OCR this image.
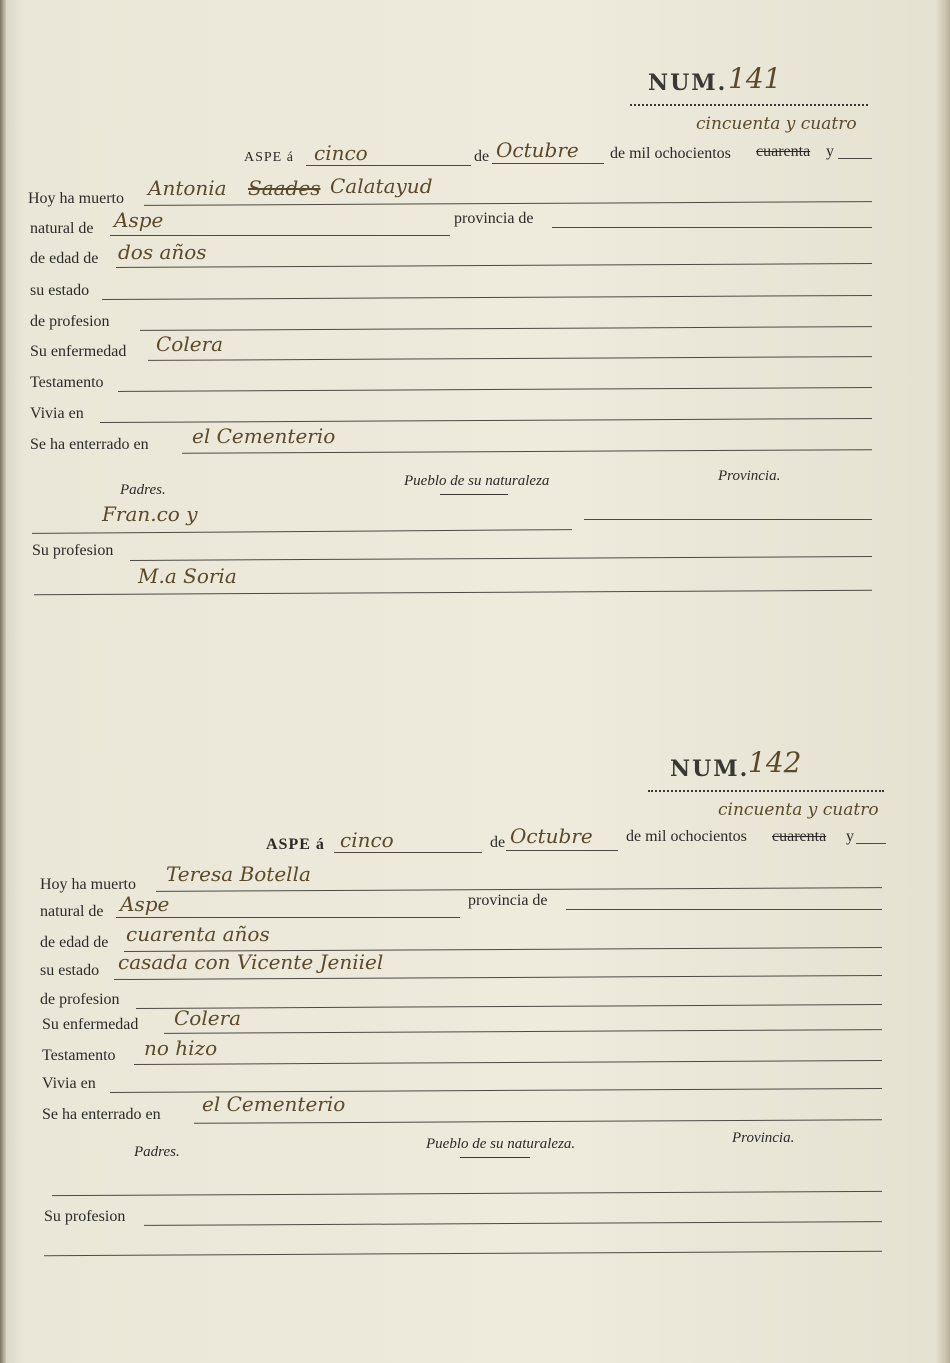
NUM. 141
cincuenta y cuatro
ASPE á cinco	de Octubre de mil ochocientos cuarenta y
Hoy ha muerto Antonia Saades Calatayud
natural de Aspe	provincia de
de edad de dos años
su estado
de profesion
Su enfermedad Colera
Testamento
Vivia en
Se ha enterrado en el Cementerio
Padres.
Pueblo de su naturaleza	Provincia.
Fran.co y
Su profesion
M.a Soria
NUM.
142
cincuenta y cuatro
ASPE á cinco	de Octubre de mil ochocientos cuarenta y
Hoy ha muerto Teresa Botella
natural de Aspe	provincia de
de edad de cuarenta años
su estado casada con Vicente Jeniiel
de profesion
Su enfermedad Colera
Testamento no hizo
Vivia en
Se ha enterrado en el Cementerio
Padres.	Pueblo de su naturaleza.	Provincia.
Su profesion
